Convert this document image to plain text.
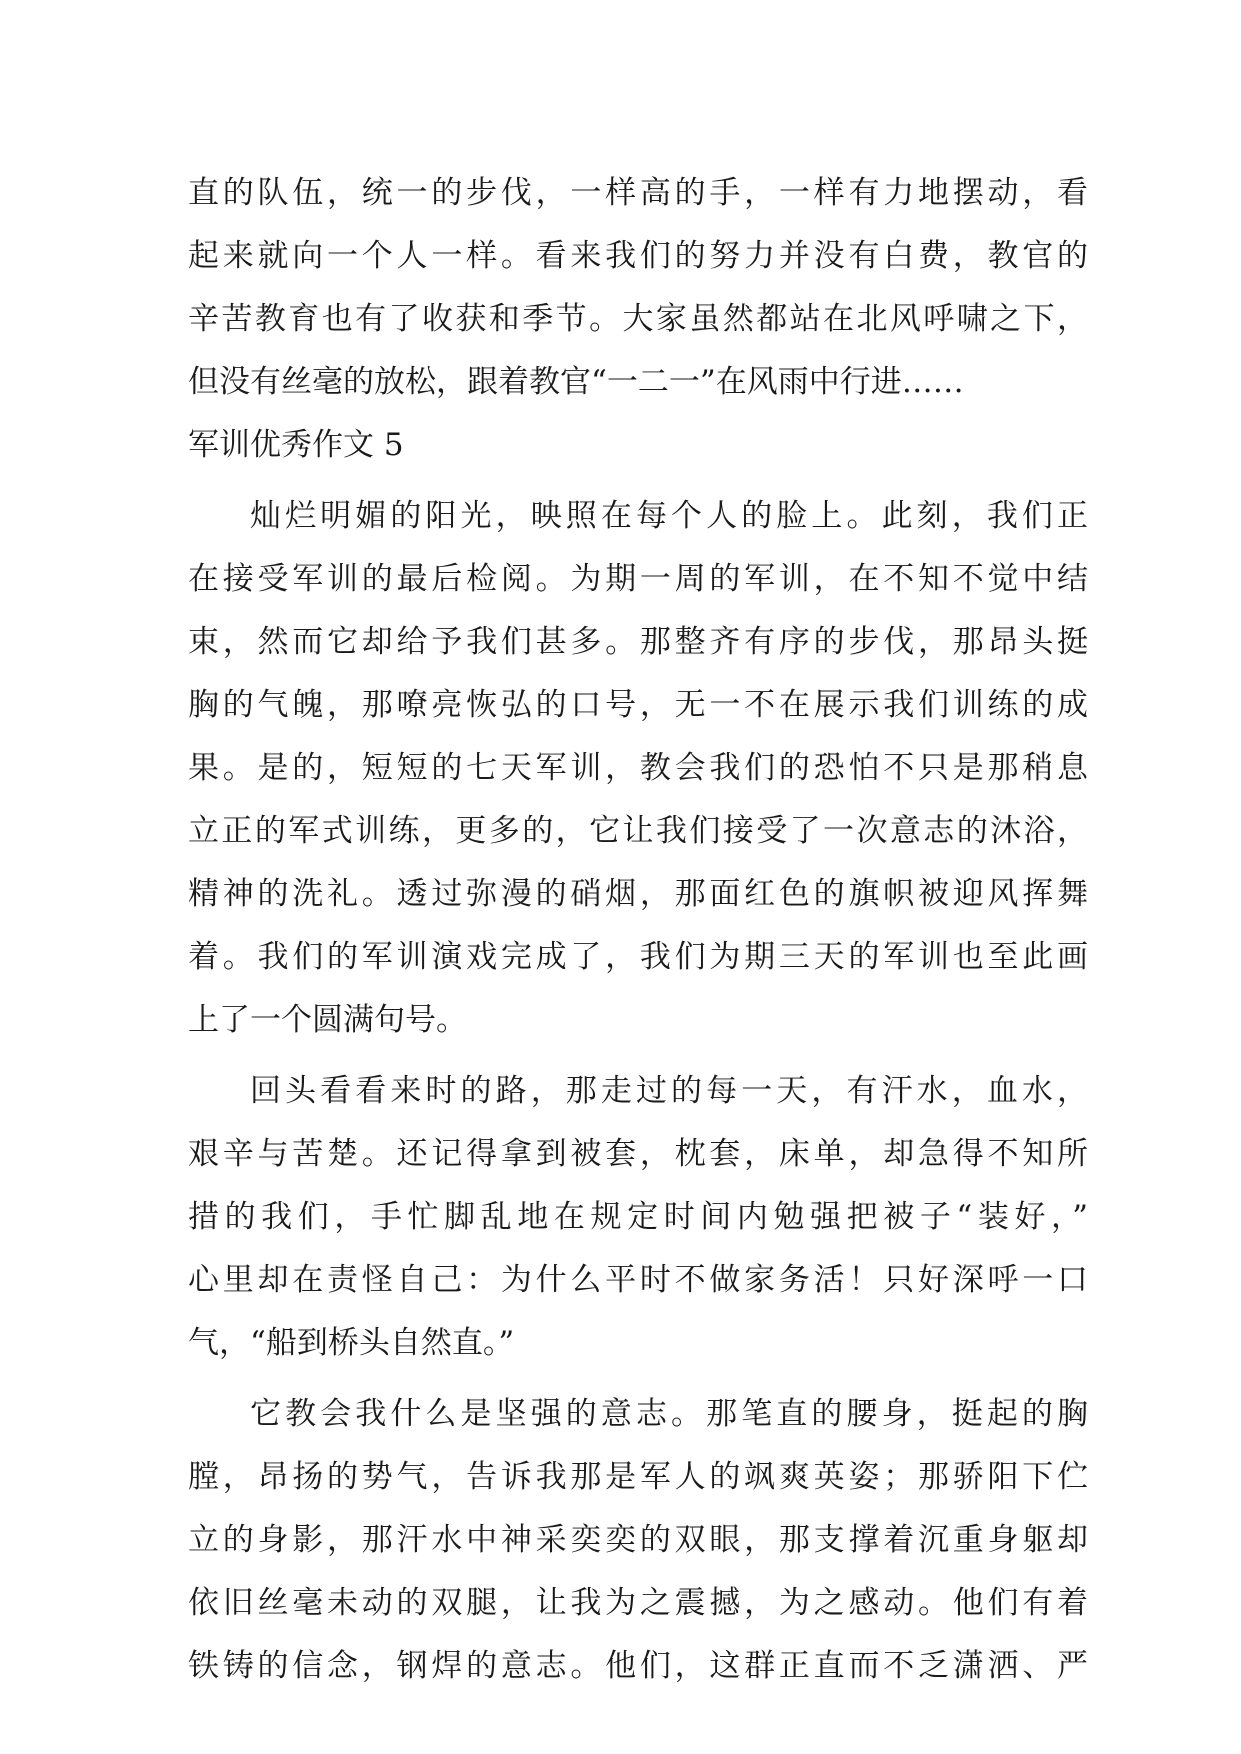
直的队伍，统一的步伐，一样高的手，一样有力地摆动，看
起来就向一个人一样。看来我们的努力并没有白费，教官的
辛苦教育也有了收获和季节。大家虽然都站在北风呼啸之下，
但没有丝毫的放松，跟着教官“一二一”在风雨中行进……
军训优秀作文 5
灿烂明媚的阳光，映照在每个人的脸上。此刻，我们正
在接受军训的最后检阅。为期一周的军训，在不知不觉中结
束，然而它却给予我们甚多。那整齐有序的步伐，那昂头挺
胸的气魄，那嘹亮恢弘的口号，无一不在展示我们训练的成
果。是的，短短的七天军训，教会我们的恐怕不只是那稍息
立正的军式训练，更多的，它让我们接受了一次意志的沐浴，
精神的洗礼。透过弥漫的硝烟，那面红色的旗帜被迎风挥舞
着。我们的军训演戏完成了，我们为期三天的军训也至此画
上了一个圆满句号。
回头看看来时的路，那走过的每一天，有汗水，血水，
艰辛与苦楚。还记得拿到被套，枕套，床单，却急得不知所
措的我们，手忙脚乱地在规定时间内勉强把被子“装好，”
心里却在责怪自己：为什么平时不做家务活！只好深呼一口
气，“船到桥头自然直。”
它教会我什么是坚强的意志。那笔直的腰身，挺起的胸
膛，昂扬的势气，告诉我那是军人的飒爽英姿；那骄阳下伫
立的身影，那汗水中神采奕奕的双眼，那支撑着沉重身躯却
依旧丝毫未动的双腿，让我为之震撼，为之感动。他们有着
铁铸的信念，钢焊的意志。他们，这群正直而不乏潇洒、严
